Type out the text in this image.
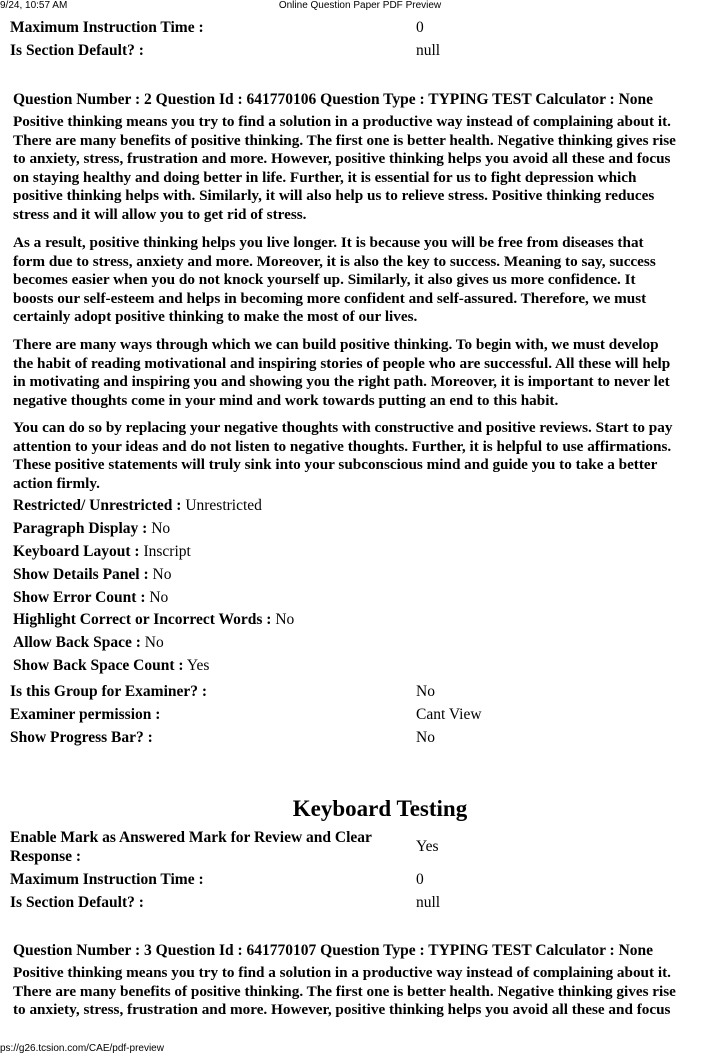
9/24, 10:57 AM	Online Question Paper PDF Preview
Maximum Instruction Time :	0
Is Section Default? :	null
Question Number : 2 Question Id : 641770106 Question Type : TYPING TEST Calculator : None
Positive thinking means you try to find a solution in a productive way instead of complaining about it.
There are many benefits of positive thinking. The first one is better health. Negative thinking gives rise
to anxiety, stress, frustration and more. However, positive thinking helps you avoid all these and focus
on staying healthy and doing better in life. Further, it is essential for us to fight depression which
positive thinking helps with. Similarly, it will also help us to relieve stress. Positive thinking reduces
stress and it will allow you to get rid of stress.
As a result, positive thinking helps you live longer. It is because you will be free from diseases that
form due to stress, anxiety and more. Moreover, it is also the key to success. Meaning to say, success
becomes easier when you do not knock yourself up. Similarly, it also gives us more confidence. It
boosts our self-esteem and helps in becoming more confident and self-assured. Therefore, we must
certainly adopt positive thinking to make the most of our lives.
There are many ways through which we can build positive thinking. To begin with, we must develop
the habit of reading motivational and inspiring stories of people who are successful. All these will help
in motivating and inspiring you and showing you the right path. Moreover, it is important to never let
negative thoughts come in your mind and work towards putting an end to this habit.
You can do so by replacing your negative thoughts with constructive and positive reviews. Start to pay
attention to your ideas and do not listen to negative thoughts. Further, it is helpful to use affirmations.
These positive statements will truly sink into your subconscious mind and guide you to take a better
action firmly.
Restricted/ Unrestricted : Unrestricted
Paragraph Display : No
Keyboard Layout : Inscript
Show Details Panel : No
Show Error Count : No
Highlight Correct or Incorrect Words : No
Allow Back Space : No
Show Back Space Count : Yes
Is this Group for Examiner? :	No
Examiner permission :	Cant View
Show Progress Bar? :	No
Keyboard Testing
Enable Mark as Answered Mark for Review and Clear
Response :
Yes
Maximum Instruction Time :	0
Is Section Default? :	null
Question Number : 3 Question Id : 641770107 Question Type : TYPING TEST Calculator : None
Positive thinking means you try to find a solution in a productive way instead of complaining about it.
There are many benefits of positive thinking. The first one is better health. Negative thinking gives rise
to anxiety, stress, frustration and more. However, positive thinking helps you avoid all these and focus
ps://g26.tcsion.com/CAE/pdf-preview
